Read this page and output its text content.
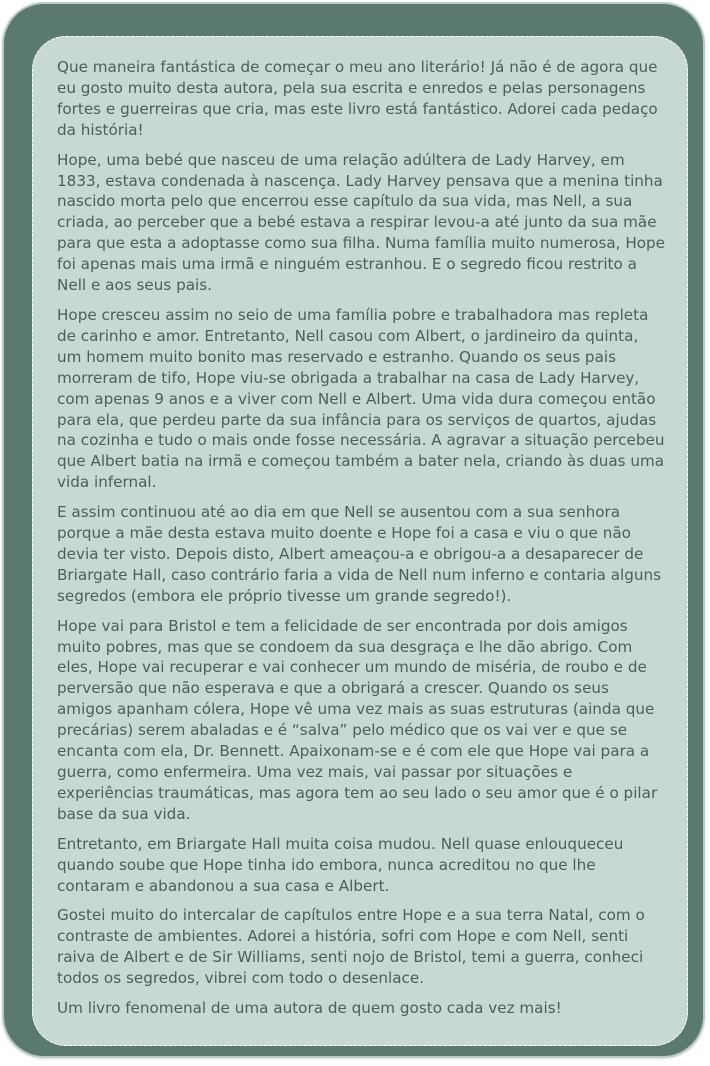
Que maneira fantástica de começar o meu ano literário! Já não é de agora que eu gosto muito desta autora, pela sua escrita e enredos e pelas personagens fortes e guerreiras que cria, mas este livro está fantástico. Adorei cada pedaço da história!

Hope, uma bebé que nasceu de uma relação adúltera de Lady Harvey, em 1833, estava condenada à nascença. Lady Harvey pensava que a menina tinha nascido morta pelo que encerrou esse capítulo da sua vida, mas Nell, a sua criada, ao perceber que a bebé estava a respirar levou-a até junto da sua mãe para que esta a adoptasse como sua filha. Numa família muito numerosa, Hope foi apenas mais uma irmã e ninguém estranhou. E o segredo ficou restrito a Nell e aos seus pais.

Hope cresceu assim no seio de uma família pobre e trabalhadora mas repleta de carinho e amor. Entretanto, Nell casou com Albert, o jardineiro da quinta, um homem muito bonito mas reservado e estranho. Quando os seus pais morreram de tifo, Hope viu-se obrigada a trabalhar na casa de Lady Harvey, com apenas 9 anos e a viver com Nell e Albert. Uma vida dura começou então para ela, que perdeu parte da sua infância para os serviços de quartos, ajudas na cozinha e tudo o mais onde fosse necessária. A agravar a situação percebeu que Albert batia na irmã e começou também a bater nela, criando às duas uma vida infernal.

E assim continuou até ao dia em que Nell se ausentou com a sua senhora porque a mãe desta estava muito doente e Hope foi a casa e viu o que não devia ter visto. Depois disto, Albert ameaçou-a e obrigou-a a desaparecer de Briargate Hall, caso contrário faria a vida de Nell num inferno e contaria alguns segredos (embora ele próprio tivesse um grande segredo!).

Hope vai para Bristol e tem a felicidade de ser encontrada por dois amigos muito pobres, mas que se condoem da sua desgraça e lhe dão abrigo. Com eles, Hope vai recuperar e vai conhecer um mundo de miséria, de roubo e de perversão que não esperava e que a obrigará a crescer. Quando os seus amigos apanham cólera, Hope vê uma vez mais as suas estruturas (ainda que precárias) serem abaladas e é “salva” pelo médico que os vai ver e que se encanta com ela, Dr. Bennett. Apaixonam-se e é com ele que Hope vai para a guerra, como enfermeira. Uma vez mais, vai passar por situações e experiências traumáticas, mas agora tem ao seu lado o seu amor que é o pilar base da sua vida.

Entretanto, em Briargate Hall muita coisa mudou. Nell quase enlouqueceu quando soube que Hope tinha ido embora, nunca acreditou no que lhe contaram e abandonou a sua casa e Albert.

Gostei muito do intercalar de capítulos entre Hope e a sua terra Natal, com o contraste de ambientes. Adorei a história, sofri com Hope e com Nell, senti raiva de Albert e de Sir Williams, senti nojo de Bristol, temi a guerra, conheci todos os segredos, vibrei com todo o desenlace.

Um livro fenomenal de uma autora de quem gosto cada vez mais!
